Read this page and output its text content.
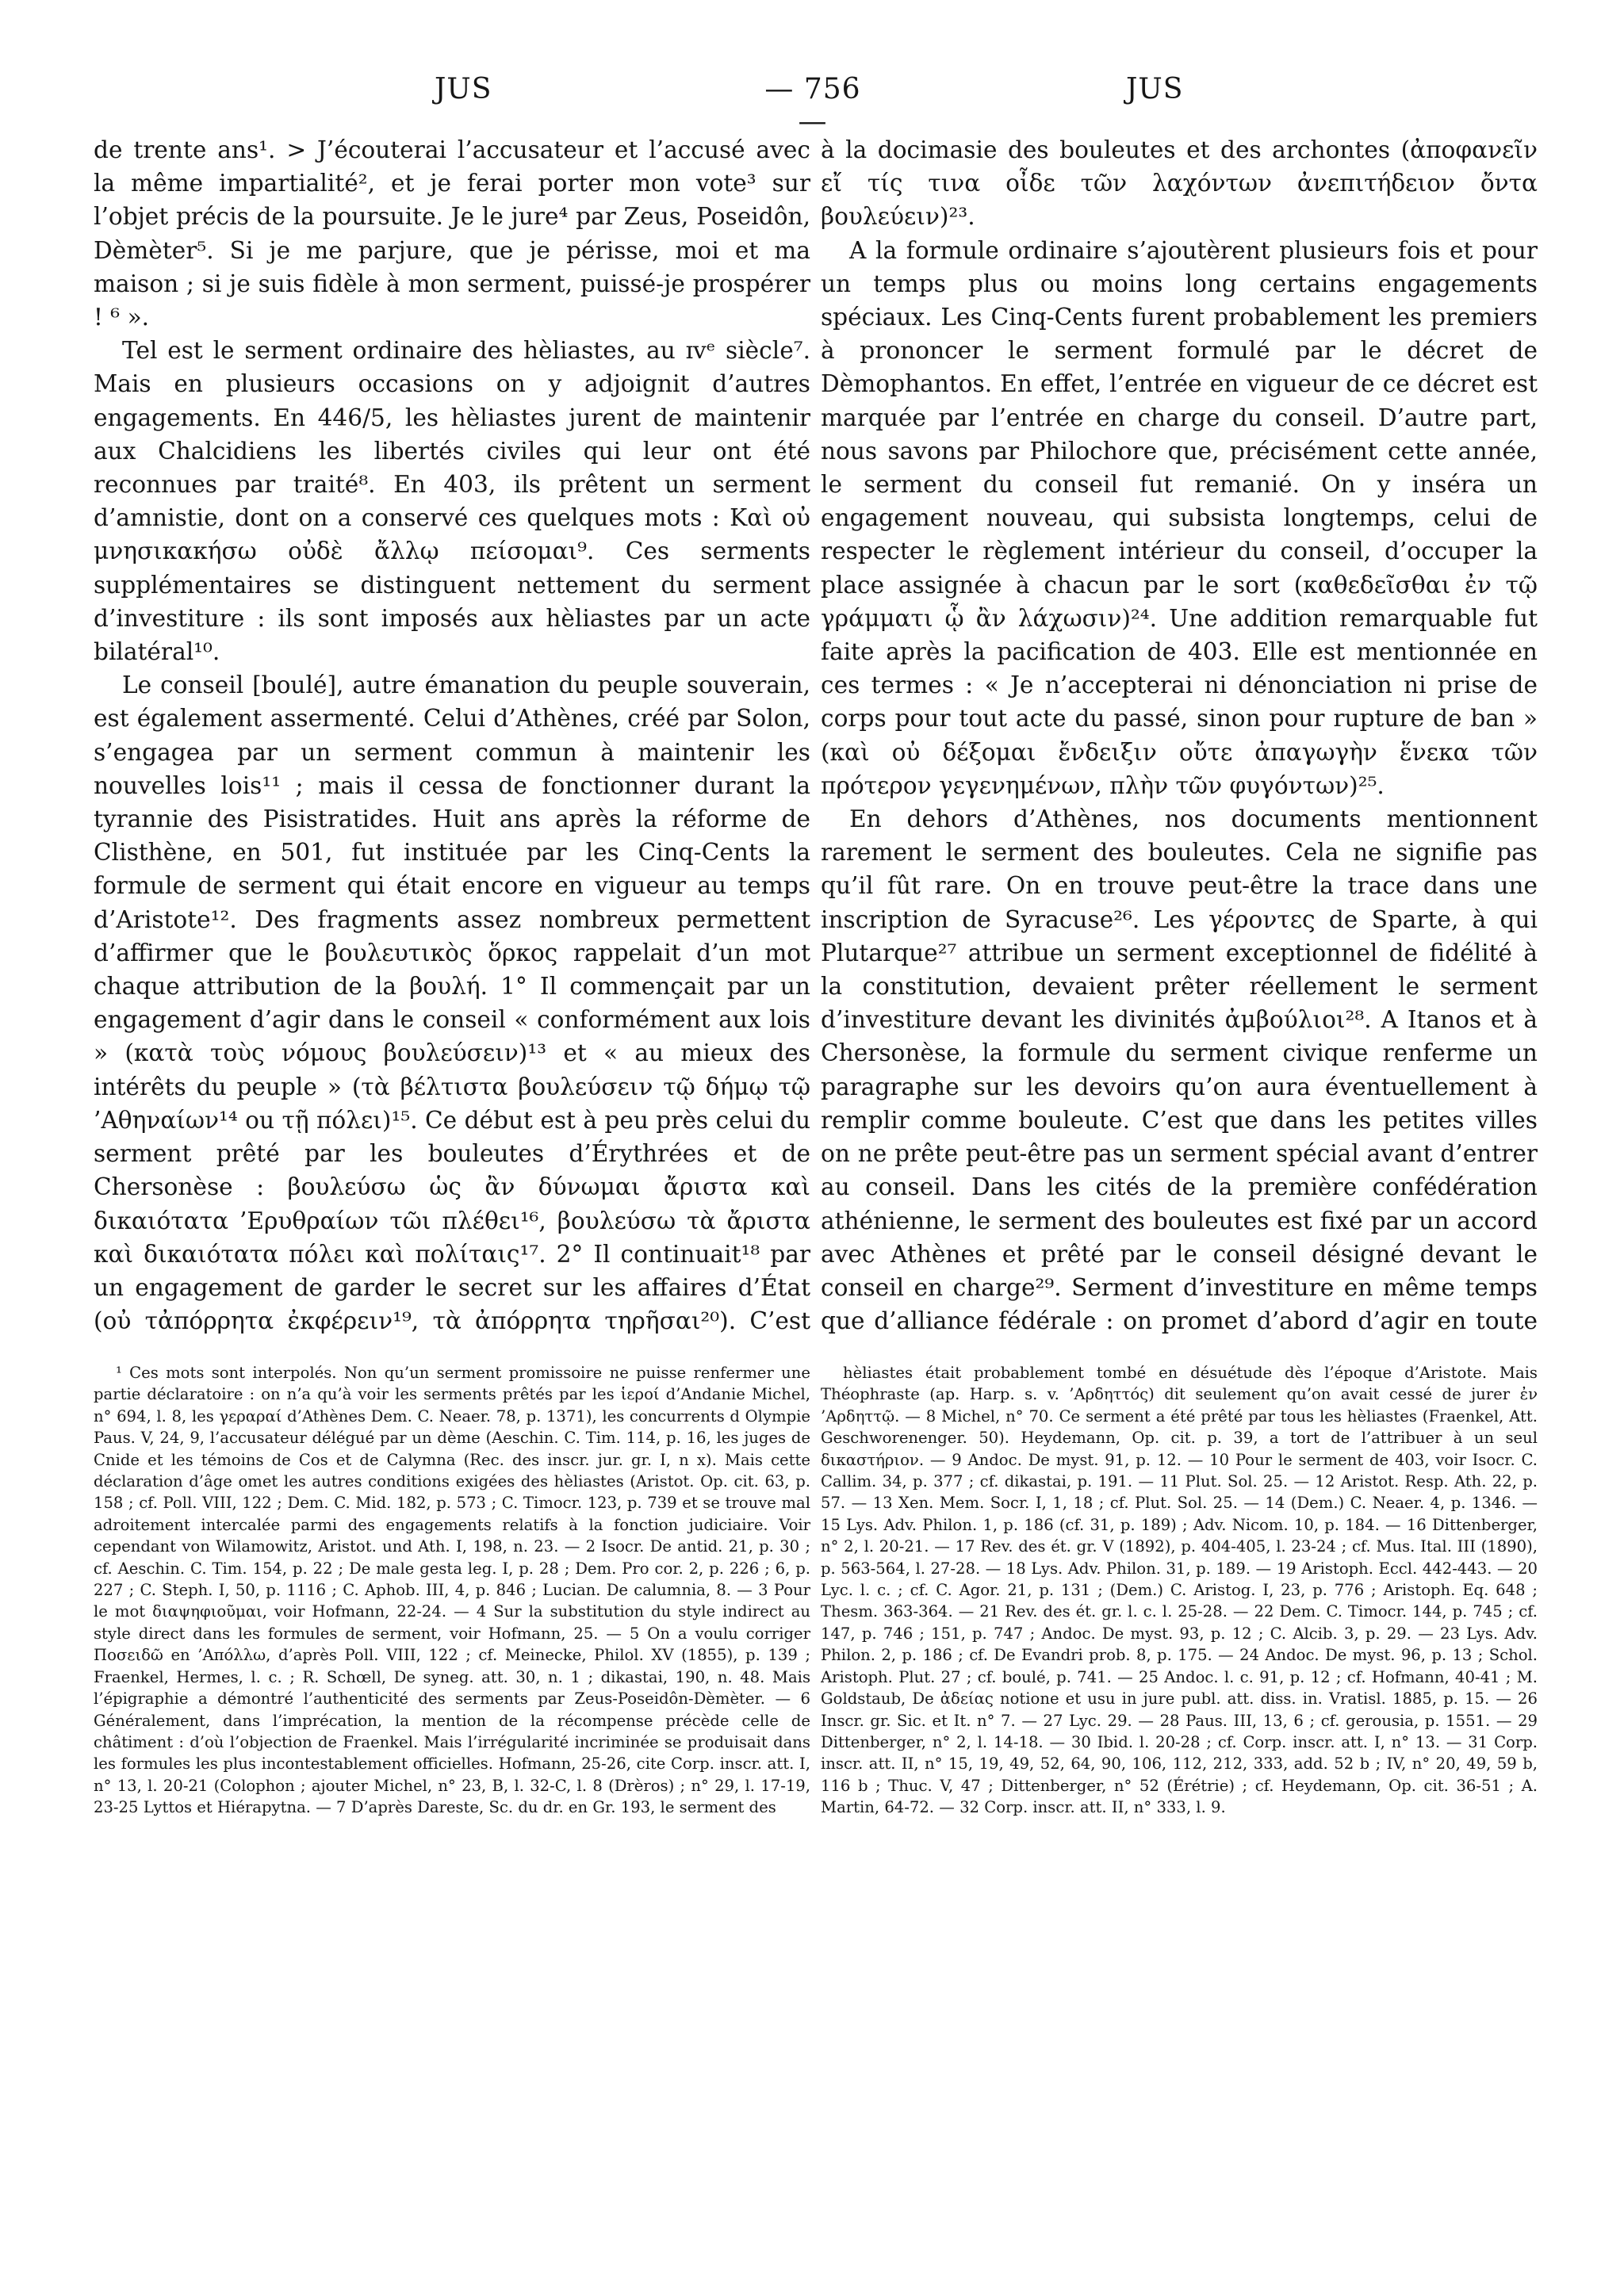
JUS	— 756 —
JUS

de trente ans¹. > J’écouterai l’accusateur et l’accusé avec la même impartialité², et je ferai porter mon vote³ sur l’objet précis de la poursuite. Je le jure⁴ par Zeus, Poseidôn, Dèmèter⁵. Si je me parjure, que je périsse, moi et ma maison ; si je suis fidèle à mon serment, puissé-je prospérer ! ⁶ ».

Tel est le serment ordinaire des hèliastes, au ɪᴠᵉ siècle⁷. Mais en plusieurs occasions on y adjoignit d’autres engagements. En 446/5, les hèliastes jurent de maintenir aux Chalcidiens les libertés civiles qui leur ont été reconnues par traité⁸. En 403, ils prêtent un serment d’amnistie, dont on a conservé ces quelques mots : Καὶ οὐ μνησικακήσω οὐδὲ ἄλλῳ πείσομαι⁹. Ces serments supplémentaires se distinguent nettement du serment d’investiture : ils sont imposés aux hèliastes par un acte bilatéral¹⁰.

Le conseil [boulé], autre émanation du peuple souverain, est également assermenté. Celui d’Athènes, créé par Solon, s’engagea par un serment commun à maintenir les nouvelles lois¹¹ ; mais il cessa de fonctionner durant la tyrannie des Pisistratides. Huit ans après la réforme de Clisthène, en 501, fut instituée par les Cinq-Cents la formule de serment qui était encore en vigueur au temps d’Aristote¹². Des fragments assez nombreux permettent d’affirmer que le βουλευτικὸς ὅρκος rappelait d’un mot chaque attribution de la βουλή. 1° Il commençait par un engagement d’agir dans le conseil « conformément aux lois » (κατὰ τοὺς νόμους βουλεύσειν)¹³ et « au mieux des intérêts du peuple » (τὰ βέλτιστα βουλεύσειν τῷ δήμῳ τῷ ’Αθηναίων¹⁴ ou τῇ πόλει)¹⁵. Ce début est à peu près celui du serment prêté par les bouleutes d’Érythrées et de Chersonèse : βουλεύσω ὡς ἂν δύνωμαι ἄριστα καὶ δικαιότατα ’Ερυθραίων τῶι πλέθει¹⁶, βουλεύσω τὰ ἄριστα καὶ δικαιότατα πόλει καὶ πολίταις¹⁷. 2° Il continuait¹⁸ par un engagement de garder le secret sur les affaires d’État (οὐ τἀπόρρητα ἐκφέρειν¹⁹, τὰ ἀπόρρητα τηρῆσαι²⁰). C’est

à la docimasie des bouleutes et des archontes (ἀποφανεῖν εἴ τίς τινα οἶδε τῶν λαχόντων ἀνεπιτήδειον ὄντα βουλεύειν)²³.

A la formule ordinaire s’ajoutèrent plusieurs fois et pour un temps plus ou moins long certains engagements spéciaux. Les Cinq-Cents furent probablement les premiers à prononcer le serment formulé par le décret de Dèmophantos. En effet, l’entrée en vigueur de ce décret est marquée par l’entrée en charge du conseil. D’autre part, nous savons par Philochore que, précisément cette année, le serment du conseil fut remanié. On y inséra un engagement nouveau, qui subsista longtemps, celui de respecter le règlement intérieur du conseil, d’occuper la place assignée à chacun par le sort (καθεδεῖσθαι ἐν τῷ γράμματι ᾧ ἂν λάχωσιν)²⁴. Une addition remarquable fut faite après la pacification de 403. Elle est mentionnée en ces termes : « Je n’accepterai ni dénonciation ni prise de corps pour tout acte du passé, sinon pour rupture de ban » (καὶ οὐ δέξομαι ἔνδειξιν οὔτε ἀπαγωγὴν ἕνεκα τῶν πρότερον γεγενημένων, πλὴν τῶν φυγόντων)²⁵.

En dehors d’Athènes, nos documents mentionnent rarement le serment des bouleutes. Cela ne signifie pas qu’il fût rare. On en trouve peut-être la trace dans une inscription de Syracuse²⁶. Les γέροντες de Sparte, à qui Plutarque²⁷ attribue un serment exceptionnel de fidélité à la constitution, devaient prêter réellement le serment d’investiture devant les divinités ἀμβούλιοι²⁸. A Itanos et à Chersonèse, la formule du serment civique renferme un paragraphe sur les devoirs qu’on aura éventuellement à remplir comme bouleute. C’est que dans les petites villes on ne prête peut-être pas un serment spécial avant d’entrer au conseil. Dans les cités de la première confédération athénienne, le serment des bouleutes est fixé par un accord avec Athènes et prêté par le conseil désigné devant le conseil en charge²⁹. Serment d’investiture en même temps que d’alliance fédérale : on promet d’abord d’agir en toute

¹ Ces mots sont interpolés. Non qu’un serment promissoire ne puisse renfermer une partie déclaratoire : on n’a qu’à voir les serments prêtés par les ἱεροί d’Andanie Michel, n° 694, l. 8, les γεραραί d’Athènes Dem. C. Neaer. 78, p. 1371), les concurrents d Olympie Paus. V, 24, 9, l’accusateur délégué par un dème (Aeschin. C. Tim. 114, p. 16, les juges de Cnide et les témoins de Cos et de Calymna (Rec. des inscr. jur. gr. I, n x). Mais cette déclaration d’âge omet les autres conditions exigées des hèliastes (Aristot. Op. cit. 63, p. 158 ; cf. Poll. VIII, 122 ; Dem. C. Mid. 182, p. 573 ; C. Timocr. 123, p. 739 et se trouve mal adroitement intercalée parmi des engagements relatifs à la fonction judiciaire. Voir cependant von Wilamowitz, Aristot. und Ath. I, 198, n. 23. — 2 Isocr. De antid. 21, p. 30 ; cf. Aeschin. C. Tim. 154, p. 22 ; De male gesta leg. I, p. 28 ; Dem. Pro cor. 2, p. 226 ; 6, p. 227 ; C. Steph. I, 50, p. 1116 ; C. Aphob. III, 4, p. 846 ; Lucian. De calumnia, 8. — 3 Pour le mot διαψηφιοῦμαι, voir Hofmann, 22-24. — 4 Sur la substitution du style indirect au style direct dans les formules de serment, voir Hofmann, 25. — 5 On a voulu corriger Ποσειδῶ en ’Απόλλω, d’après Poll. VIII, 122 ; cf. Meinecke, Philol. XV (1855), p. 139 ; Fraenkel, Hermes, l. c. ; R. Schœll, De syneg. att. 30, n. 1 ; dikastai, 190, n. 48. Mais l’épigraphie a démontré l’authenticité des serments par Zeus-Poseidôn-Dèmèter. — 6 Généralement, dans l’imprécation, la mention de la récompense précède celle de châtiment : d’où l’objection de Fraenkel. Mais l’irrégularité incriminée se produisait dans les formules les plus incontestablement officielles. Hofmann, 25-26, cite Corp. inscr. att. I, n° 13, l. 20-21 (Colophon ; ajouter Michel, n° 23, B, l. 32-C, l. 8 (Drèros) ; n° 29, l. 17-19, 23-25 Lyttos et Hiérapytna. — 7 D’après Dareste, Sc. du dr. en Gr. 193, le serment des

hèliastes était probablement tombé en désuétude dès l’époque d’Aristote. Mais Théophraste (ap. Harp. s. v. ’Αρδηττός) dit seulement qu’on avait cessé de jurer ἐν ’Αρδηττῷ. — 8 Michel, n° 70. Ce serment a été prêté par tous les hèliastes (Fraenkel, Att. Geschworenenger. 50). Heydemann, Op. cit. p. 39, a tort de l’attribuer à un seul δικαστήριον. — 9 Andoc. De myst. 91, p. 12. — 10 Pour le serment de 403, voir Isocr. C. Callim. 34, p. 377 ; cf. dikastai, p. 191. — 11 Plut. Sol. 25. — 12 Aristot. Resp. Ath. 22, p. 57. — 13 Xen. Mem. Socr. I, 1, 18 ; cf. Plut. Sol. 25. — 14 (Dem.) C. Neaer. 4, p. 1346. — 15 Lys. Adv. Philon. 1, p. 186 (cf. 31, p. 189) ; Adv. Nicom. 10, p. 184. — 16 Dittenberger, n° 2, l. 20-21. — 17 Rev. des ét. gr. V (1892), p. 404-405, l. 23-24 ; cf. Mus. Ital. III (1890), p. 563-564, l. 27-28. — 18 Lys. Adv. Philon. 31, p. 189. — 19 Aristoph. Eccl. 442-443. — 20 Lyc. l. c. ; cf. C. Agor. 21, p. 131 ; (Dem.) C. Aristog. I, 23, p. 776 ; Aristoph. Eq. 648 ; Thesm. 363-364. — 21 Rev. des ét. gr. l. c. l. 25-28. — 22 Dem. C. Timocr. 144, p. 745 ; cf. 147, p. 746 ; 151, p. 747 ; Andoc. De myst. 93, p. 12 ; C. Alcib. 3, p. 29. — 23 Lys. Adv. Philon. 2, p. 186 ; cf. De Evandri prob. 8, p. 175. — 24 Andoc. De myst. 96, p. 13 ; Schol. Aristoph. Plut. 27 ; cf. boulé, p. 741. — 25 Andoc. l. c. 91, p. 12 ; cf. Hofmann, 40-41 ; M. Goldstaub, De ἀδείας notione et usu in jure publ. att. diss. in. Vratisl. 1885, p. 15. — 26 Inscr. gr. Sic. et It. n° 7. — 27 Lyc. 29. — 28 Paus. III, 13, 6 ; cf. gerousia, p. 1551. — 29 Dittenberger, n° 2, l. 14-18. — 30 Ibid. l. 20-28 ; cf. Corp. inscr. att. I, n° 13. — 31 Corp. inscr. att. II, n° 15, 19, 49, 52, 64, 90, 106, 112, 212, 333, add. 52 b ; IV, n° 20, 49, 59 b, 116 b ; Thuc. V, 47 ; Dittenberger, n° 52 (Érétrie) ; cf. Heydemann, Op. cit. 36-51 ; A. Martin, 64-72. — 32 Corp. inscr. att. II, n° 333, l. 9.
